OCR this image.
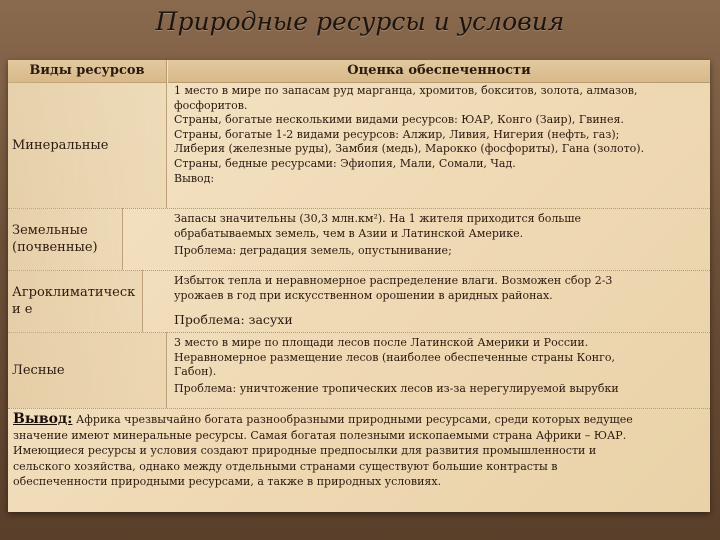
Природные ресурсы и условия
Виды ресурсов	Оценка обеспеченности
Минеральные
1 место в мире по запасам руд марганца, хромитов, бокситов, золота, алмазов,
фосфоритов.
Страны, богатые несколькими видами ресурсов: ЮАР, Конго (Заир), Гвинея.
Страны, богатые 1-2 видами ресурсов: Алжир, Ливия, Нигерия (нефть, газ);
Либерия (железные руды), Замбия (медь), Марокко (фосфориты), Гана (золото).
Страны, бедные ресурсами: Эфиопия, Мали, Сомали, Чад.
Вывод:
Земельные (почвенные)
Запасы значительны (30,3 млн.км²). На 1 жителя приходится больше
обрабатываемых земель, чем в Азии и Латинской Америке.
Проблема: деградация земель, опустынивание;
Агроклиматически е
Избыток тепла и неравномерное распределение влаги. Возможен сбор 2-3
урожаев в год при искусственном орошении в аридных районах.
Проблема: засухи
Лесные
3 место в мире по площади лесов после Латинской Америки и России.
Неравномерное размещение лесов (наиболее обеспеченные страны Конго,
Габон).
Проблема: уничтожение тропических лесов из-за нерегулируемой вырубки
Вывод: Африка чрезвычайно богата разнообразными природными ресурсами, среди которых ведущее
значение имеют минеральные ресурсы. Самая богатая полезными ископаемыми страна Африки – ЮАР.
Имеющиеся ресурсы и условия создают природные предпосылки для развития промышленности и
сельского хозяйства, однако между отдельными странами существуют большие контрасты в
обеспеченности природными ресурсами, а также в природных условиях.
